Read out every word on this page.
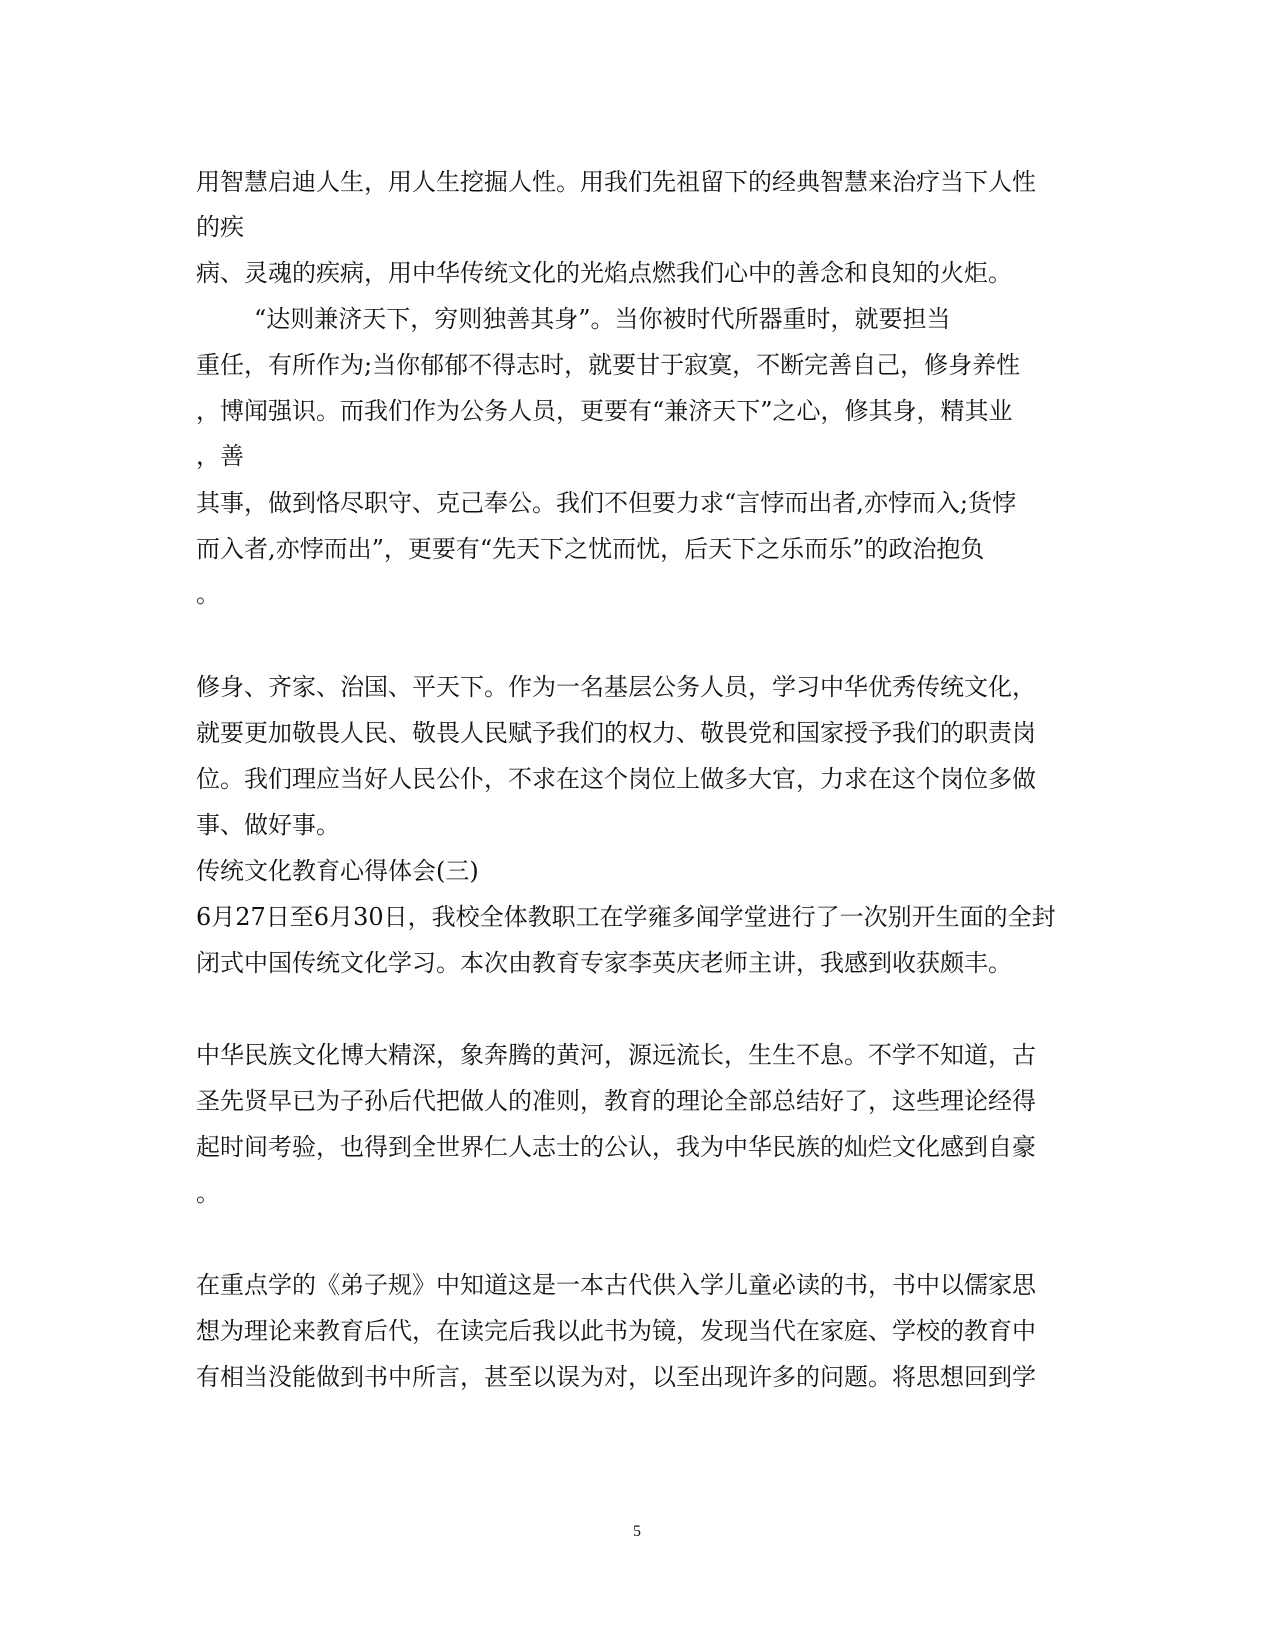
用智慧启迪人生，用人生挖掘人性。用我们先祖留下的经典智慧来治疗当下人性
的疾
病、灵魂的疾病，用中华传统文化的光焰点燃我们心中的善念和良知的火炬。
“达则兼济天下，穷则独善其身”。当你被时代所器重时，就要担当
重任，有所作为;当你郁郁不得志时，就要甘于寂寞，不断完善自己，修身养性
，博闻强识。而我们作为公务人员，更要有“兼济天下”之心，修其身，精其业
，善
其事，做到恪尽职守、克己奉公。我们不但要力求“言悖而出者,亦悖而入;货悖
而入者,亦悖而出”，更要有“先天下之忧而忧，后天下之乐而乐”的政治抱负
。
修身、齐家、治国、平天下。作为一名基层公务人员，学习中华优秀传统文化，
就要更加敬畏人民、敬畏人民赋予我们的权力、敬畏党和国家授予我们的职责岗
位。我们理应当好人民公仆，不求在这个岗位上做多大官，力求在这个岗位多做
事、做好事。
传统文化教育心得体会(三)
6月27日至6月30日，我校全体教职工在学雍多闻学堂进行了一次别开生面的全封
闭式中国传统文化学习。本次由教育专家李英庆老师主讲，我感到收获颇丰。
中华民族文化博大精深，象奔腾的黄河，源远流长，生生不息。不学不知道，古
圣先贤早已为子孙后代把做人的准则，教育的理论全部总结好了，这些理论经得
起时间考验，也得到全世界仁人志士的公认，我为中华民族的灿烂文化感到自豪
。
在重点学的《弟子规》中知道这是一本古代供入学儿童必读的书，书中以儒家思
想为理论来教育后代，在读完后我以此书为镜，发现当代在家庭、学校的教育中
有相当没能做到书中所言，甚至以误为对，以至出现许多的问题。将思想回到学
5
